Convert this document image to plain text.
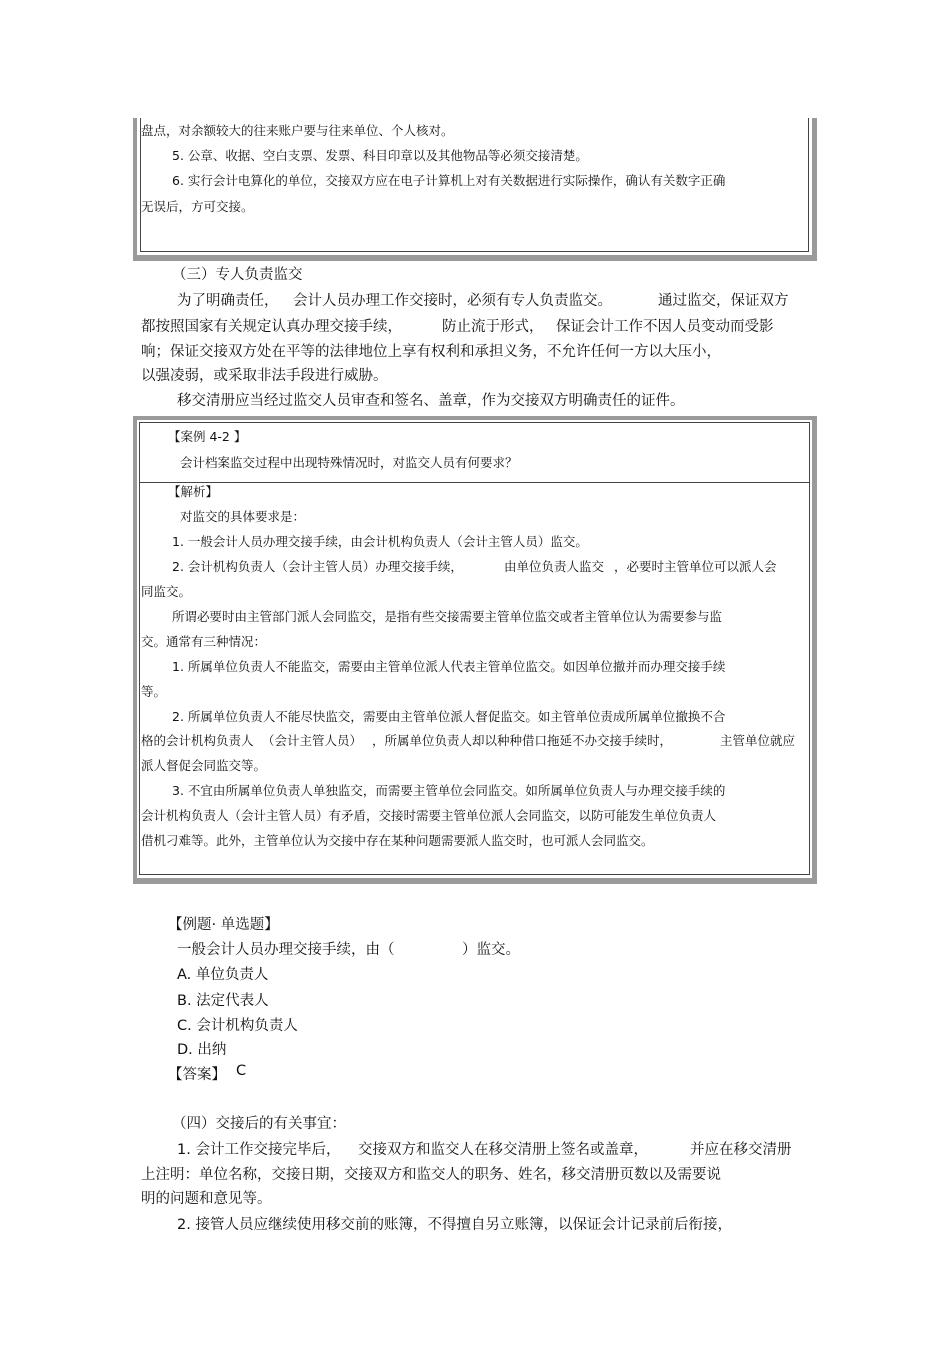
盘点，对余额较大的往来账户要与往来单位、个人核对。
5. 公章、收据、空白支票、发票、科目印章以及其他物品等必须交接清楚。
6. 实行会计电算化的单位，交接双方应在电子计算机上对有关数据进行实际操作，确认有关数字正确
无误后，方可交接。
（三）专人负责监交
为了明确责任， 会计人员办理工作交接时，必须有专人负责监交。	通过监交，保证双方
都按照国家有关规定认真办理交接手续，	防止流于形式， 保证会计工作不因人员变动而受影
响；保证交接双方处在平等的法律地位上享有权利和承担义务，不允许任何一方以大压小，
以强凌弱，或采取非法手段进行威胁。
移交清册应当经过监交人员审查和签名、盖章，作为交接双方明确责任的证件。
【案例 4-2 】
会计档案监交过程中出现特殊情况时，对监交人员有何要求？
【解析】
对监交的具体要求是：
1. 一般会计人员办理交接手续，由会计机构负责人（会计主管人员）监交。
2. 会计机构负责人（会计主管人员）办理交接手续，	由单位负责人监交 ，必要时主管单位可以派人会
同监交。
所谓必要时由主管部门派人会同监交，是指有些交接需要主管单位监交或者主管单位认为需要参与监
交。通常有三种情况：
1. 所属单位负责人不能监交，需要由主管单位派人代表主管单位监交。如因单位撤并而办理交接手续
等。
2. 所属单位负责人不能尽快监交，需要由主管单位派人督促监交。如主管单位责成所属单位撤换不合
格的会计机构负责人 （会计主管人员） ，所属单位负责人却以种种借口拖延不办交接手续时，	主管单位就应
派人督促会同监交等。
3. 不宜由所属单位负责人单独监交，而需要主管单位会同监交。如所属单位负责人与办理交接手续的
会计机构负责人（会计主管人员）有矛盾，交接时需要主管单位派人会同监交，以防可能发生单位负责人
借机刁难等。此外，主管单位认为交接中存在某种问题需要派人监交时，也可派人会同监交。
【例题· 单选题】
一般会计人员办理交接手续，由（	）监交。
A. 单位负责人
B. 法定代表人
C. 会计机构负责人
D. 出纳
【答案】 C
（四）交接后的有关事宜：
1. 会计工作交接完毕后， 交接双方和监交人在移交清册上签名或盖章，	并应在移交清册
上注明：单位名称，交接日期，交接双方和监交人的职务、姓名，移交清册页数以及需要说
明的问题和意见等。
2. 接管人员应继续使用移交前的账簿，不得擅自另立账簿，以保证会计记录前后衔接，
